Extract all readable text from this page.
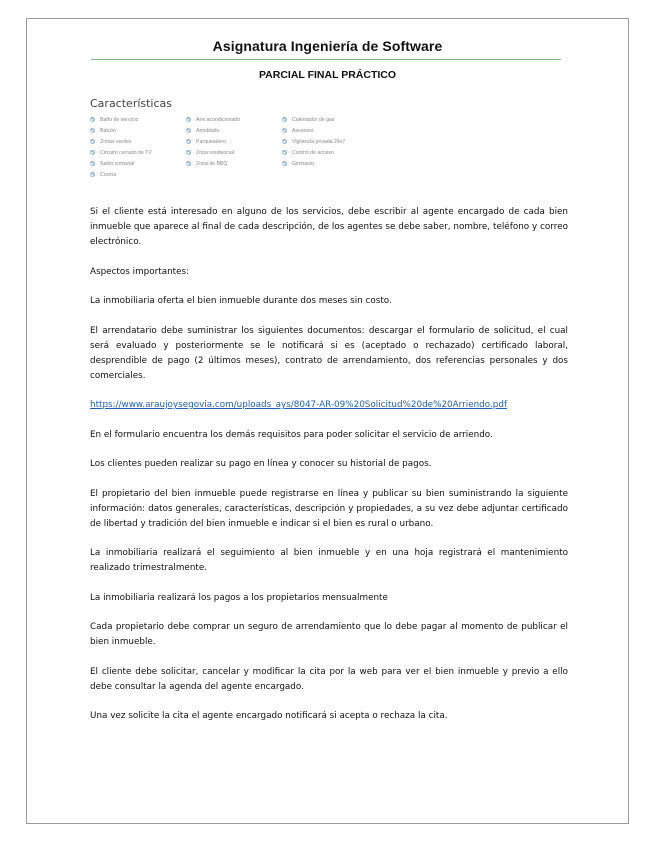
Asignatura Ingeniería de Software
PARCIAL FINAL PRÁCTICO
Características
Baño de servicio	Aire acondicionado	Calentador de gas
Balcón	Amoblado	Ascensor
Zonas verdes	Parqueadero	Vigilancia privada 24x7
Circuito cerrado de TV	Zona residencial	Control de acceso
Salón comunal	Zona de BBQ	Gimnasio
Cocina

Si el cliente está interesado en alguno de los servicios, debe escribir al agente encargado de cada bien inmueble que aparece al final de cada descripción, de los agentes se debe saber, nombre, teléfono y correo electrónico.

Aspectos importantes:

La inmobiliaria oferta el bien inmueble durante dos meses sin costo.

El arrendatario debe suministrar los siguientes documentos: descargar el formulario de solicitud, el cual será evaluado y posteriormente se le notificará si es (aceptado o rechazado) certificado laboral, desprendible de pago (2 últimos meses), contrato de arrendamiento, dos referencias personales y dos comerciales.

https://www.araujoysegovia.com/uploads_ays/8047-AR-09%20Solicitud%20de%20Arriendo.pdf

En el formulario encuentra los demás requisitos para poder solicitar el servicio de arriendo.

Los clientes pueden realizar su pago en línea y conocer su historial de pagos.

El propietario del bien inmueble puede registrarse en línea y publicar su bien suministrando la siguiente información: datos generales, características, descripción y propiedades, a su vez debe adjuntar certificado de libertad y tradición del bien inmueble e indicar si el bien es rural o urbano.

La inmobiliaria realizará el seguimiento al bien inmueble y en una hoja registrará el mantenimiento realizado trimestralmente.

La inmobiliaria realizará los pagos a los propietarios mensualmente

Cada propietario debe comprar un seguro de arrendamiento que lo debe pagar al momento de publicar el bien inmueble.

El cliente debe solicitar, cancelar y modificar la cita por la web para ver el bien inmueble y previo a ello debe consultar la agenda del agente encargado.

Una vez solicite la cita el agente encargado notificará si acepta o rechaza la cita.
